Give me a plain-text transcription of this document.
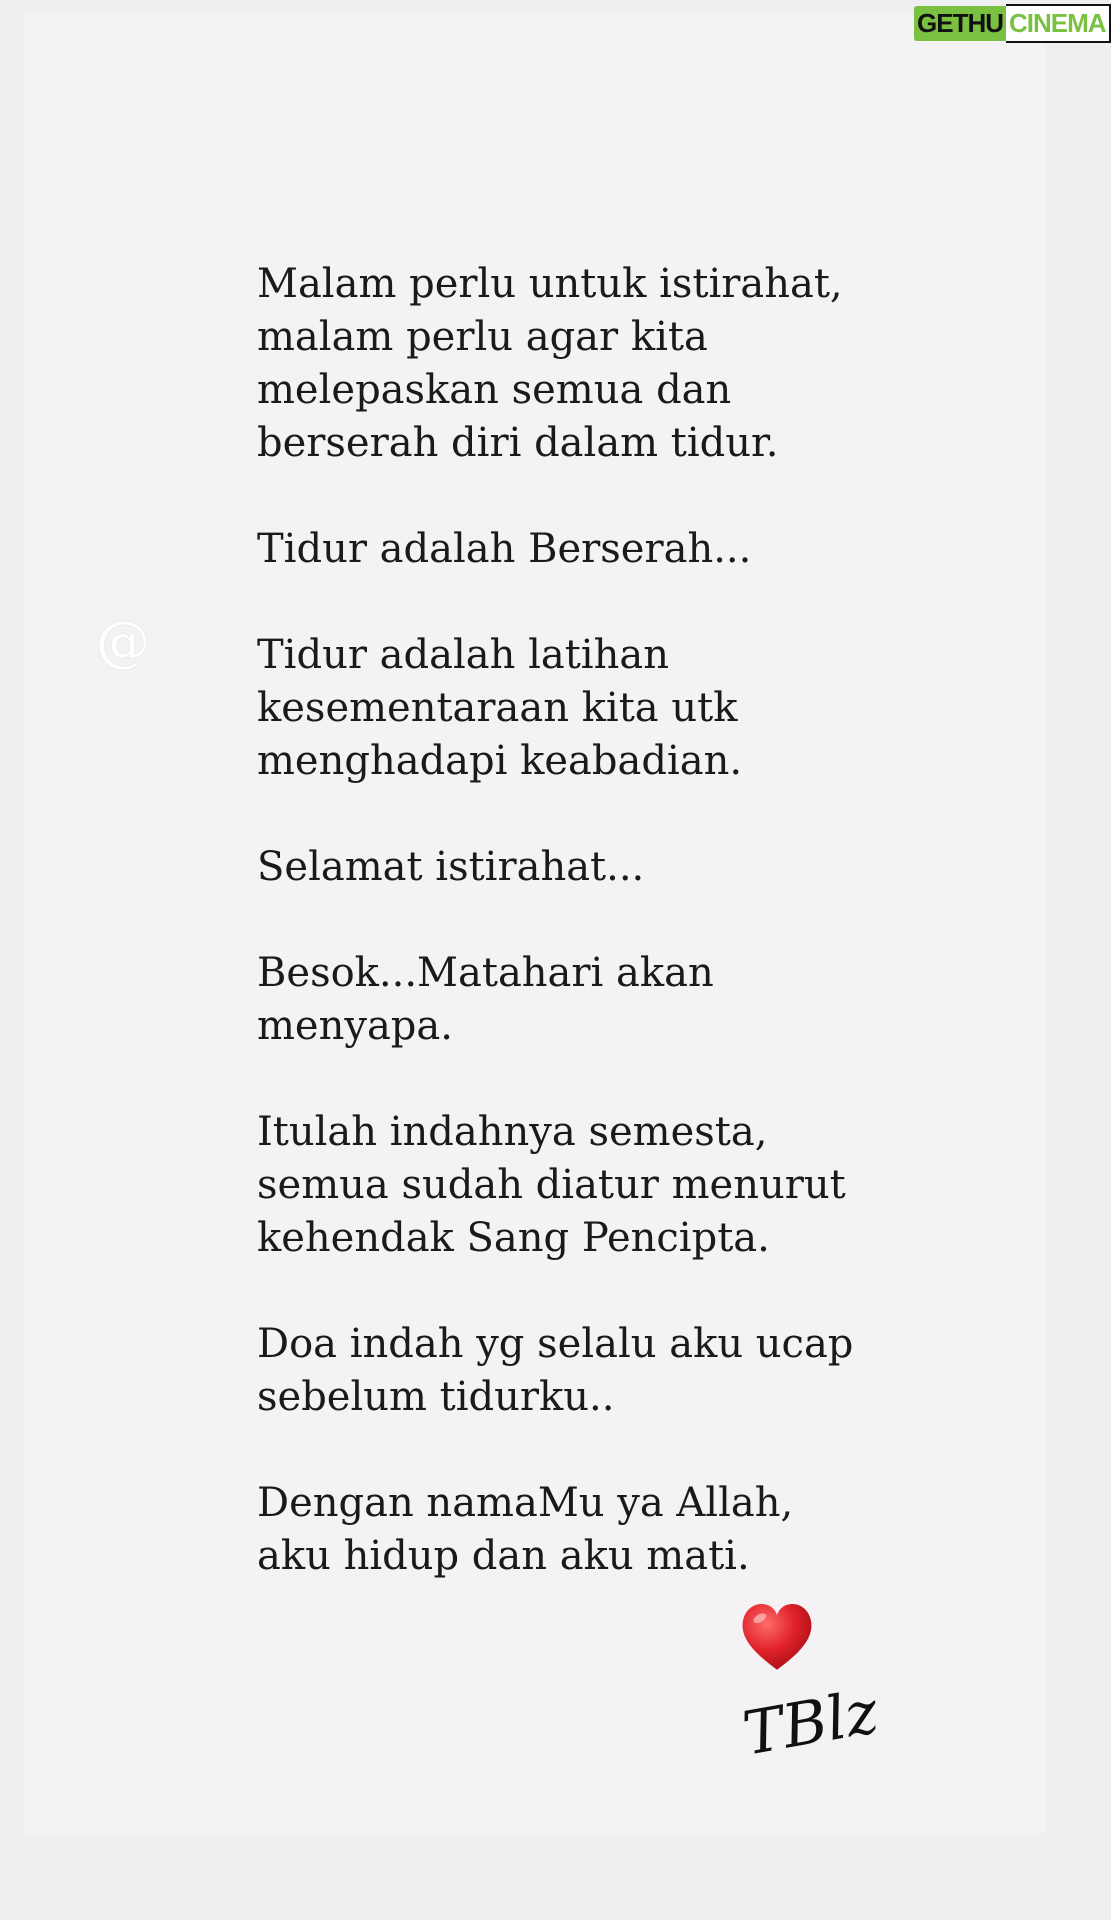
GETHU CINEMA
@
Malam perlu untuk istirahat,
malam perlu agar kita
melepaskan semua dan
berserah diri dalam tidur.
Tidur adalah Berserah...
Tidur adalah latihan
kesementaraan kita utk
menghadapi keabadian.
Selamat istirahat...
Besok...Matahari akan
menyapa.
Itulah indahnya semesta,
semua sudah diatur menurut
kehendak Sang Pencipta.
Doa indah yg selalu aku ucap
sebelum tidurku..
Dengan namaMu ya Allah,
aku hidup dan aku mati.
TBlz
